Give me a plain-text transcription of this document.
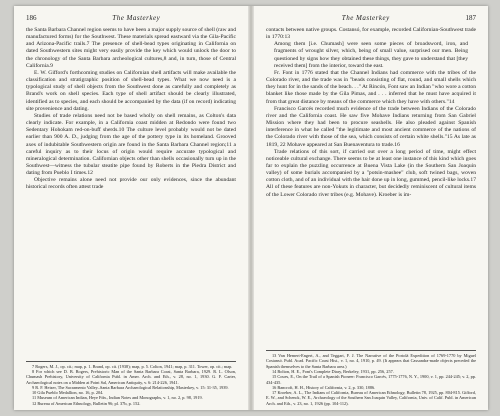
186	The Masterkey

the Santa Barbara Channel region seems to have been a major supply source of shell (raw and manufactured forms) for the Southwest. These materials spread eastward via the Gila-Pacific and Arizona-Pacific trails.7 The presence of shell-bead types originating in California on dated Southwestern sites might very easily provide the key which would unlock the door to the chronology of the Santa Barbara archeological cultures,8 and, in turn, those of Central California.9

E. W. Gifford's forthcoming studies on Californian shell artifacts will make available the classification and stratigraphic position of shell-bead types. What we now need is a typological study of shell objects from the Southwest done as carefully and completely as Brand's work on shell species. Each type of shell artifact should be clearly illustrated, identified as to species, and each should be accompanied by the data (if on record) indicating site provenience and dating.

Studies of trade relations need not be based wholly on shell remains, as Colton's data clearly indicate. For example, in a California coast midden at Redondo were found two Sedentary Hohokam red-on-buff sherds.10 The culture level probably would not be dated earlier than 900 A. D., judging from the age of the pottery type in its homeland. Grooved axes of indubitable Southwestern origin are found in the Santa Barbara Channel region;11 a careful inquiry as to their locus of origin would require accurate typological and mineralogical determination. Californian objects other than shells occasionally turn up in the Southwest—witness the tubular steatite pipe found by Roberts in the Piedra District and dating from Pueblo I times.12

Objective remains alone need not provide our only evidences, since the abundant historical records often attest trade

7 Rogers, M. J., op. cit.; map, p. 1. Brand, op. cit. (1938); map, p. 5. Colton, 1941; map, p. 311. Tower, op. cit.; map.

8 For which see D. B. Rogers, Prehistoric Man of the Santa Barbara Coast, Santa Barbara, 1929. R. L. Olson, Chumash Prehistory, University of California Publ. in Amer. Arch. and Eth., v. 28, no. 1, 1930. G. F. Carter, Archaeological notes on a Midden at Point Sal, American Antiquity, v. 6: 214-226, 1941.

9 R. F. Heizer, The Sacramento Valley–Santa Barbara Archaeological Relationship, Masterkey, v. 15: 31-35, 1939.

10 Gila Pueblo Medallion, no. 16, p. 204.

11 Museum of American Indian, Heye Fdn., Indian Notes and Monographs, v. 1, no. 2, p. 98, 1919.

12 Bureau of American Ethnology, Bulletin 96; pl. 37b, p. 152.

The Masterkey	187

contacts between native groups. Costansó, for example, recorded Californian-Southwest trade in 1770:13

Among them [i.e. Chumash] were seen some pieces of broadsword, iron, and fragments of wrought silver, which, being of small value, surprised our men. Being questioned by signs how they obtained these things, they gave to understand that [they received them] from the interior, toward the east.

Fr. Font in 1776 stated that the Channel Indians had commerce with the tribes of the Colorado river, and the trade was in "beads consisting of flat, round, and small shells which they hunt for in the sands of the beach. . ." At Rincón, Font saw an Indian "who wore a cotton blanket like those made by the Gila Pimas, and . . . inferred that he must have acquired it from that great distance by means of the commerce which they have with others."14

Francisco Garcés recorded much evidence of the trade between Indians of the Colorado river and the California coast. He saw five Mohave Indians returning from San Gabriel Mission where they had been to procure seashells. He also pleaded against Spanish interference in what he called "the legitimate and most ancient commerce of the nations of the Colorado river with those of the sea, which consists of certain white shells."15 As late as 1819, 22 Mohave appeared at San Buenaventura to trade.16

Trade relations of this sort, if carried out over a long period of time, might effect noticeable cultural exchange. There seems to be at least one instance of this kind which goes far to explain the puzzling occurrence at Buena Vista Lake (in the Southern San Joaquin valley) of some burials accompanied by a "potsin-mashee" club, soft twined bags, woven cotton cloth, and of an individual with the hair done up in long, gummed, pencil-like locks.17 All of these features are non-Yokuts in character, but decidedly reminiscent of cultural items of the Lower Colorado river tribes (e.g. Mohave). Kroeber is im-

13 Van Hemert-Engert, A., and Teggart, F. J. The Narrative of the Portolá Expedition of 1769-1770 by Miguel Costansó. Publ. Acad. Pacific Coast Hist., v. 1, no. 4, 1910, p. 49. (It appears that Cassandra-made objects preceded the Spanish themselves to the Santa Barbara area.)

14 Bolton, H. E., Font's Complete Diary, Berkeley, 1931, pp. 256, 257.

15 Coues, E., On the Trail of a Spanish Pioneer: Francisco Garcés, 1775-1776, N. Y., 1900, v. 1, pp. 244-245; v. 2, pp. 434-435.

16 Bancroft, H. H., History of California, v. 2, p. 330, 1886.

17 Kroeber, A. L., The Indians of California, Bureau of American Ethnology, Bulletin 78, 1925, pp. 804-815. Gifford, E. W., and Schenck, W. E., Archaeology of the Southern San Joaquin Valley, California, Univ. of Calif. Publ. in American Arch. and Eth., v. 23, no. 1, 1926 (pp. 104-112).
